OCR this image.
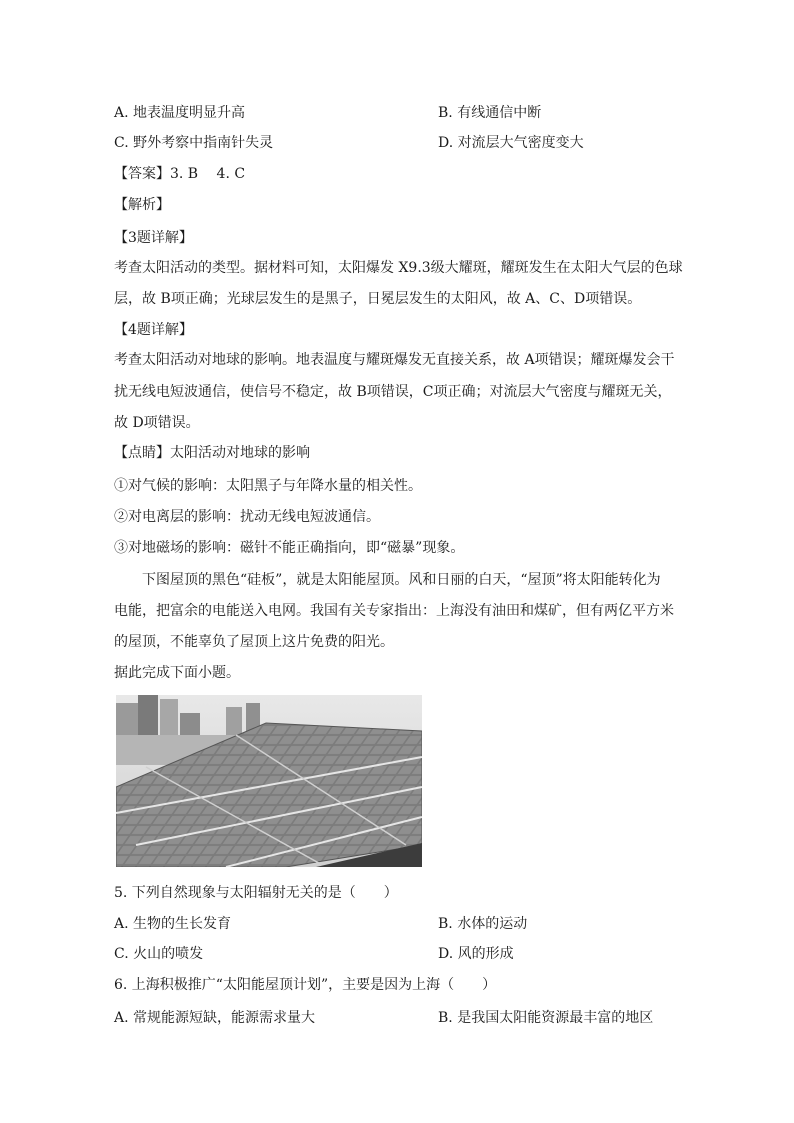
A. 地表温度明显升高	B. 有线通信中断
C. 野外考察中指南针失灵	D. 对流层大气密度变大
【答案】3. B　 4. C
【解析】
【3题详解】
考查太阳活动的类型。据材料可知，太阳爆发 X9.3级大耀斑，耀斑发生在太阳大气层的色球
层，故 B项正确；光球层发生的是黑子，日冕层发生的太阳风，故 A、C、D项错误。
【4题详解】
考查太阳活动对地球的影响。地表温度与耀斑爆发无直接关系，故 A项错误；耀斑爆发会干
扰无线电短波通信，使信号不稳定，故 B项错误，C项正确；对流层大气密度与耀斑无关，
故 D项错误。
【点睛】太阳活动对地球的影响
①对气候的影响：太阳黑子与年降水量的相关性。
②对电离层的影响：扰动无线电短波通信。
③对地磁场的影响：磁针不能正确指向，即“磁暴”现象。
下图屋顶的黑色“硅板”，就是太阳能屋顶。风和日丽的白天，“屋顶”将太阳能转化为
电能，把富余的电能送入电网。我国有关专家指出：上海没有油田和煤矿，但有两亿平方米
的屋顶，不能辜负了屋顶上这片免费的阳光。
据此完成下面小题。
5. 下列自然现象与太阳辐射无关的是（　　）
A. 生物的生长发育	B. 水体的运动
C. 火山的喷发	D. 风的形成
6. 上海积极推广“太阳能屋顶计划”，主要是因为上海（　　）
A. 常规能源短缺，能源需求量大	B. 是我国太阳能资源最丰富的地区
